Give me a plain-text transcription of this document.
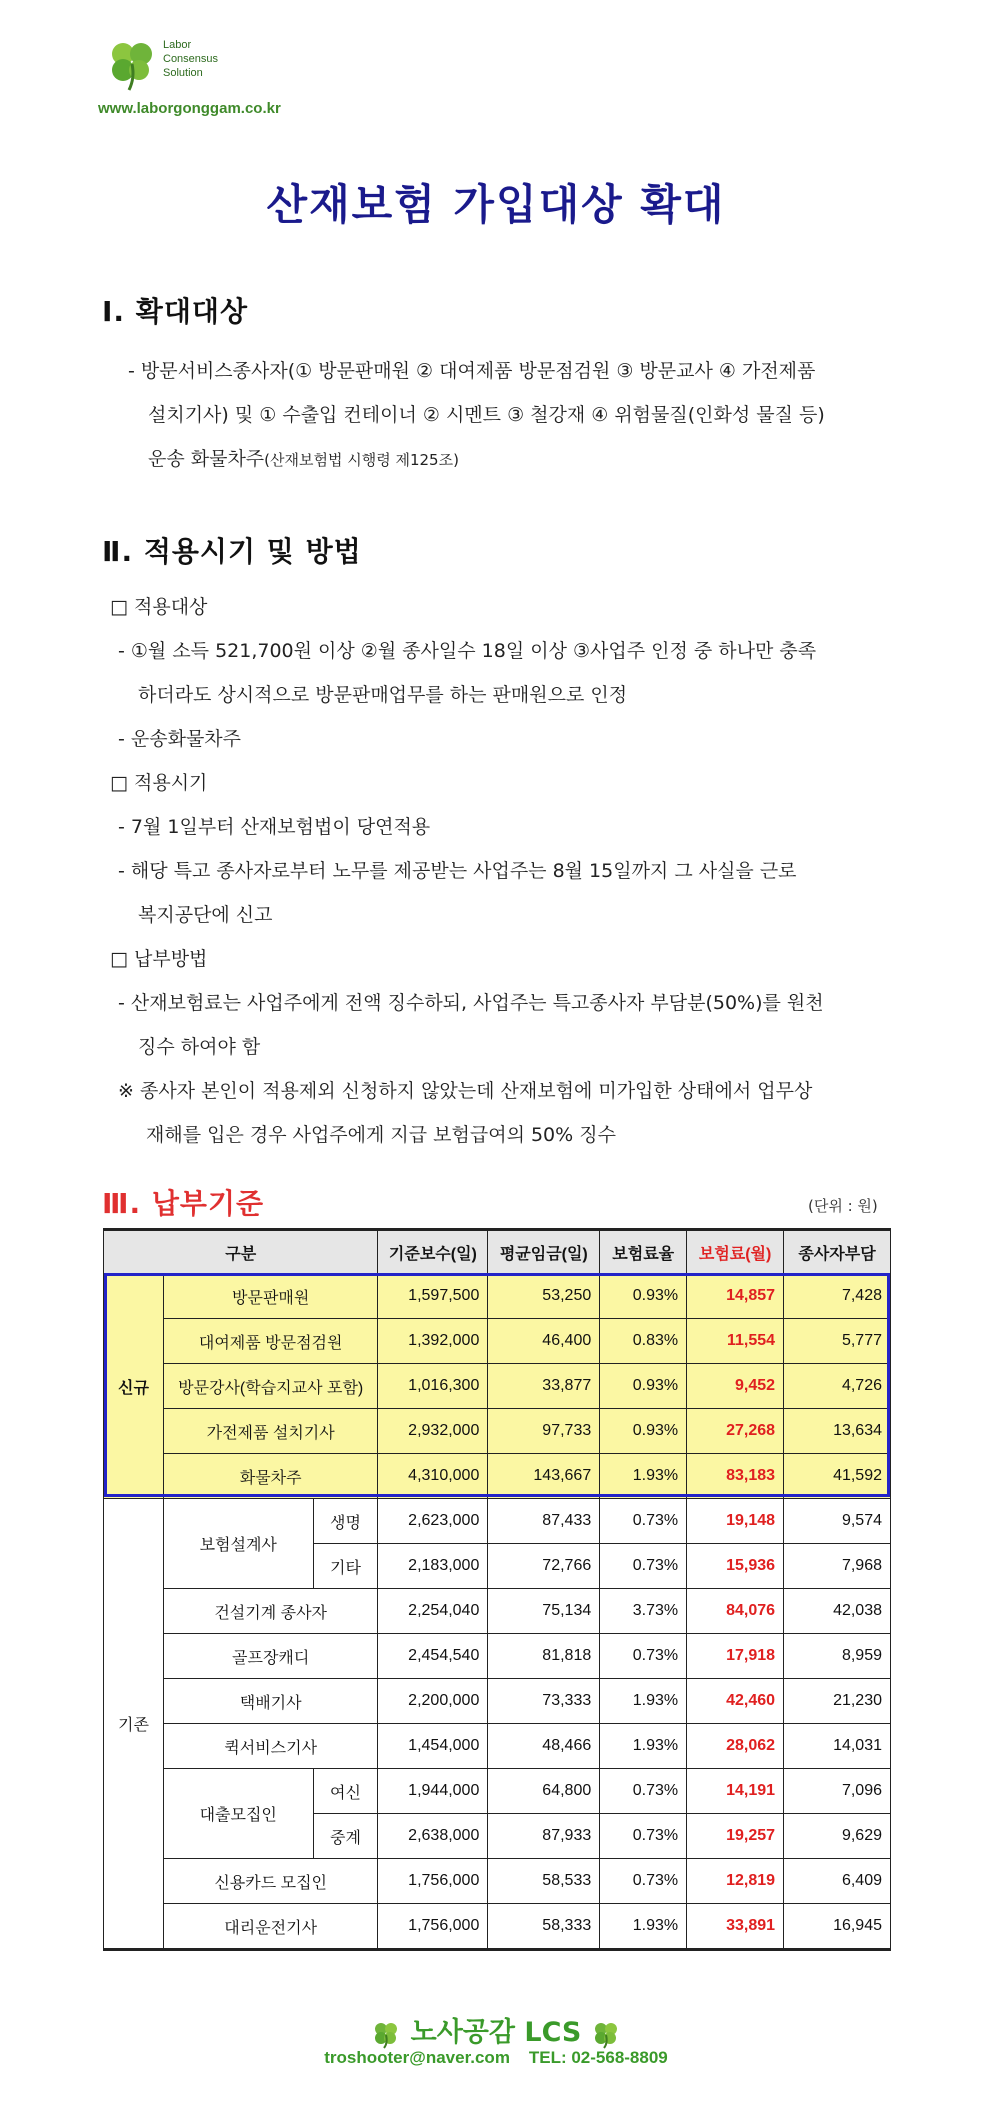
Labor
Consensus
Solution
www.laborgonggam.co.kr
산재보험 가입대상 확대
Ⅰ. 확대대상
- 방문서비스종사자(① 방문판매원 ② 대여제품 방문점검원 ③ 방문교사 ④ 가전제품
설치기사) 및 ① 수출입 컨테이너 ② 시멘트 ③ 철강재 ④ 위험물질(인화성 물질 등)
운송 화물차주(산재보험법 시행령 제125조)
Ⅱ. 적용시기 및 방법
□ 적용대상
- ①월 소득 521,700원 이상 ②월 종사일수 18일 이상 ③사업주 인정 중 하나만 충족
하더라도 상시적으로 방문판매업무를 하는 판매원으로 인정
- 운송화물차주
□ 적용시기
- 7월 1일부터 산재보험법이 당연적용
- 해당 특고 종사자로부터 노무를 제공받는 사업주는 8월 15일까지 그 사실을 근로
복지공단에 신고
□ 납부방법
- 산재보험료는 사업주에게 전액 징수하되, 사업주는 특고종사자 부담분(50%)를 원천
징수 하여야 함
※ 종사자 본인이 적용제외 신청하지 않았는데 산재보험에 미가입한 상태에서 업무상
재해를 입은 경우 사업주에게 지급 보험급여의 50% 징수
Ⅲ. 납부기준	(단위 : 원)
구분			기준보수(일)	평균임금(일)	보험료율	보험료(월)	종사자부담
신규	방문판매원		1,597,500	53,250	0.93%	14,857	7,428
	대여제품 방문점검원		1,392,000	46,400	0.83%	11,554	5,777
	방문강사(학습지교사 포함)		1,016,300	33,877	0.93%	9,452	4,726
	가전제품 설치기사		2,932,000	97,733	0.93%	27,268	13,634
	화물차주		4,310,000	143,667	1.93%	83,183	41,592
기존	보험설계사	생명	2,623,000	87,433	0.73%	19,148	9,574
		기타	2,183,000	72,766	0.73%	15,936	7,968
	건설기계 종사자		2,254,040	75,134	3.73%	84,076	42,038
	골프장캐디		2,454,540	81,818	0.73%	17,918	8,959
	택배기사		2,200,000	73,333	1.93%	42,460	21,230
	퀵서비스기사		1,454,000	48,466	1.93%	28,062	14,031
	대출모집인	여신	1,944,000	64,800	0.73%	14,191	7,096
		중계	2,638,000	87,933	0.73%	19,257	9,629
	신용카드 모집인		1,756,000	58,533	0.73%	12,819	6,409
	대리운전기사		1,756,000	58,333	1.93%	33,891	16,945
노사공감 LCS
troshooter@naver.com TEL: 02-568-8809
